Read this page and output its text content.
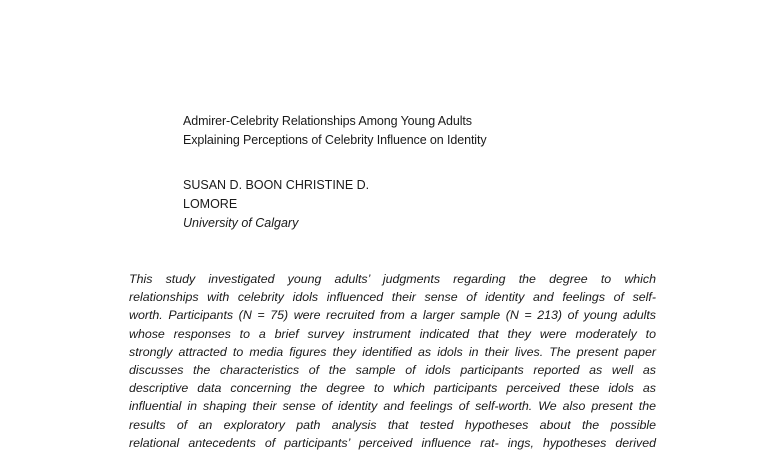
Admirer-Celebrity Relationships Among Young Adults
Explaining Perceptions of Celebrity Influence on Identity
SUSAN D. BOON CHRISTINE D.
LOMORE
University of Calgary
This study investigated young adults’ judgments regarding the degree to which
relationships with celebrity idols influenced their sense of identity and feelings of self-
worth. Participants (N = 75) were recruited from a larger sample (N = 213) of young adults
whose responses to a brief survey instrument indicated that they were moderately to
strongly attracted to media figures they identified as idols in their lives. The present paper
discusses the characteristics of the sample of idols participants reported as well as
descriptive data concerning the degree to which participants perceived these idols as
influential in shaping their sense of identity and feelings of self-worth. We also present the
results of an exploratory path analysis that tested hypotheses about the possible
relational antecedents of participants’ perceived influence rat- ings, hypotheses derived
